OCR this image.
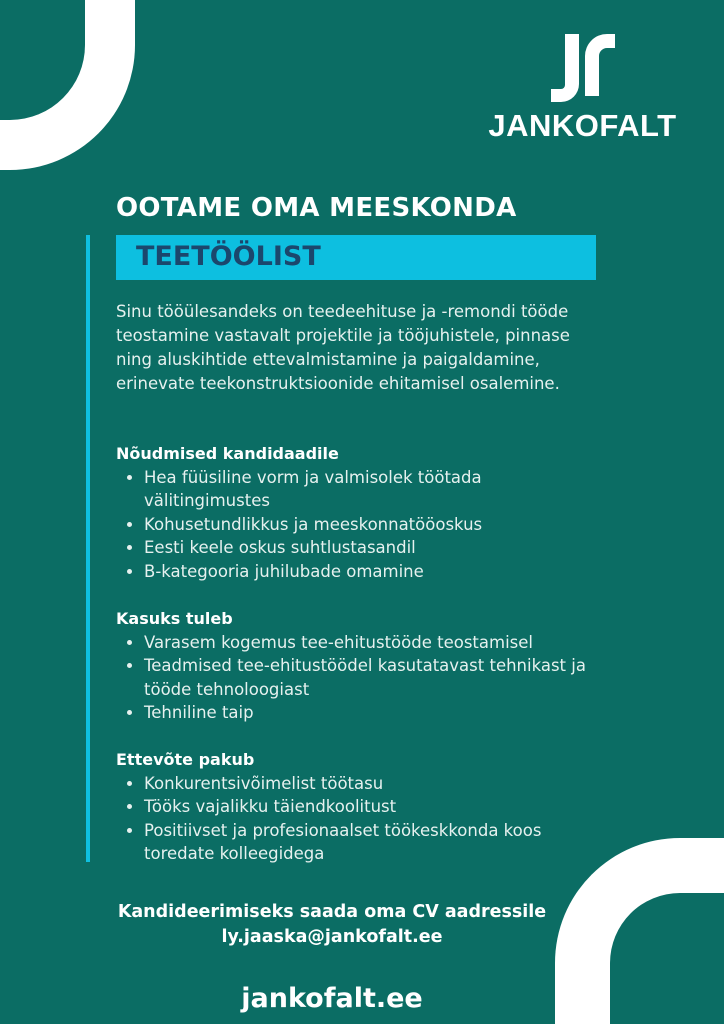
JANKOFALT
OOTAME OMA MEESKONDA
TEETÖÖLIST
Sinu tööülesandeks on teedeehituse ja -remondi tööde teostamine vastavalt projektile ja tööjuhistele, pinnase ning aluskihtide ettevalmistamine ja paigaldamine, erinevate teekonstruktsioonide ehitamisel osalemine.
Nõudmised kandidaadile
• Hea füüsiline vorm ja valmisolek töötada välitingimustes
• Kohusetundlikkus ja meeskonnatööoskus
• Eesti keele oskus suhtlustasandil
• B-kategooria juhilubade omamine
Kasuks tuleb
• Varasem kogemus tee-ehitustööde teostamisel
• Teadmised tee-ehitustöödel kasutatavast tehnikast ja tööde tehnoloogiast
• Tehniline taip
Ettevõte pakub
• Konkurentsivõimelist töötasu
• Tööks vajalikku täiendkoolitust
• Positiivset ja profesionaalset töökeskkonda koos toredate kolleegidega
Kandideerimiseks saada oma CV aadressile
ly.jaaska@jankofalt.ee
jankofalt.ee
